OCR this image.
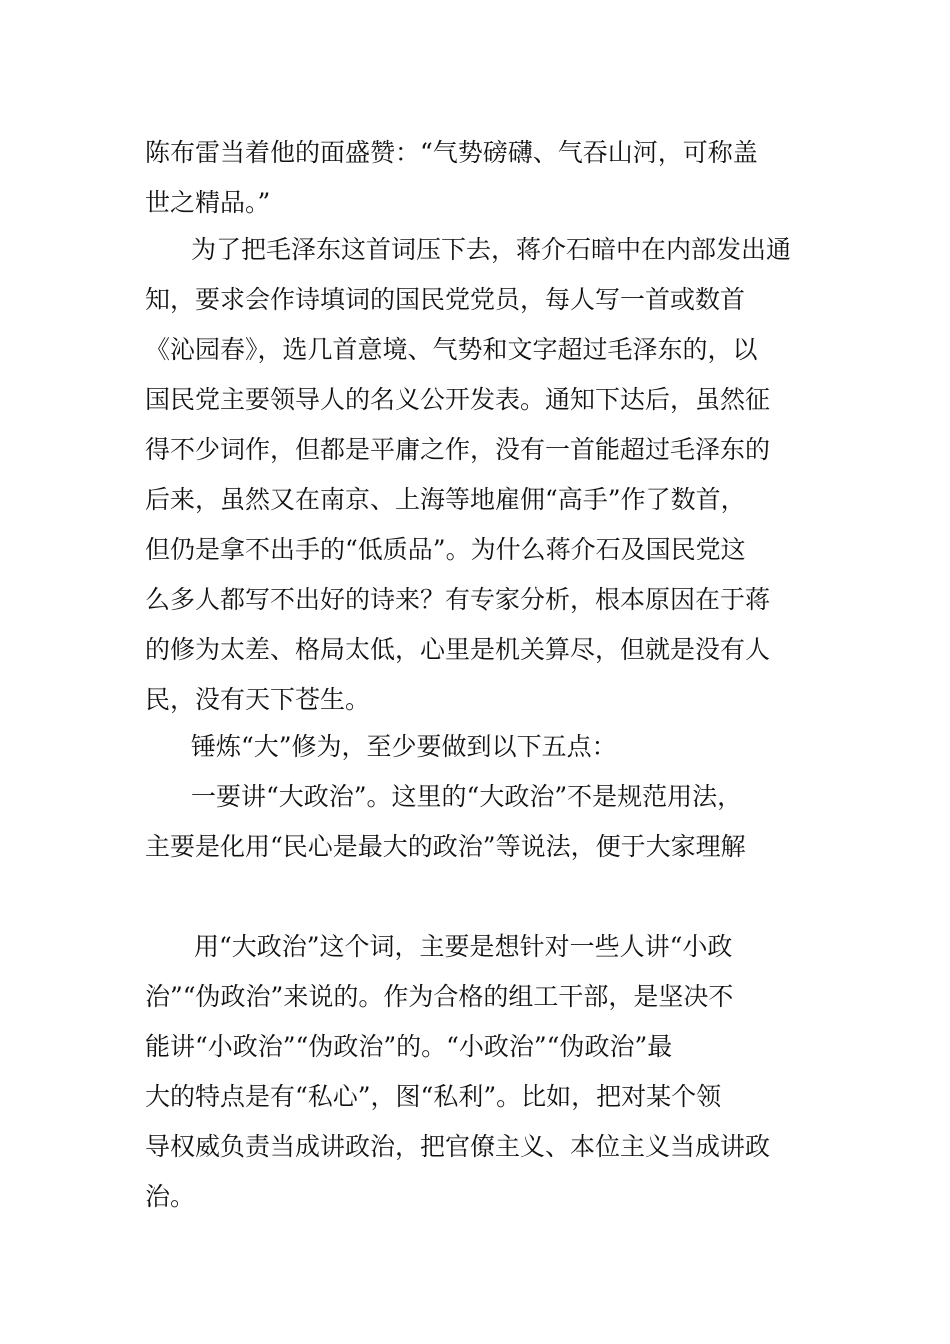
陈布雷当着他的面盛赞：“气势磅礴、气吞山河，可称盖
世之精品。”
为了把毛泽东这首词压下去，蒋介石暗中在内部发出通
知，要求会作诗填词的国民党党员，每人写一首或数首
《沁园春》，选几首意境、气势和文字超过毛泽东的，以
国民党主要领导人的名义公开发表。通知下达后，虽然征
得不少词作，但都是平庸之作，没有一首能超过毛泽东的
后来，虽然又在南京、上海等地雇佣“高手”作了数首，
但仍是拿不出手的“低质品”。为什么蒋介石及国民党这
么多人都写不出好的诗来？有专家分析，根本原因在于蒋
的修为太差、格局太低，心里是机关算尽，但就是没有人
民，没有天下苍生。
锤炼“大”修为，至少要做到以下五点：
一要讲“大政治”。这里的“大政治”不是规范用法，
主要是化用“民心是最大的政治”等说法，便于大家理解
用“大政治”这个词，主要是想针对一些人讲“小政
治”“伪政治”来说的。作为合格的组工干部，是坚决不
能讲“小政治”“伪政治”的。“小政治”“伪政治”最
大的特点是有“私心”，图“私利”。比如，把对某个领
导权威负责当成讲政治，把官僚主义、本位主义当成讲政
治。
